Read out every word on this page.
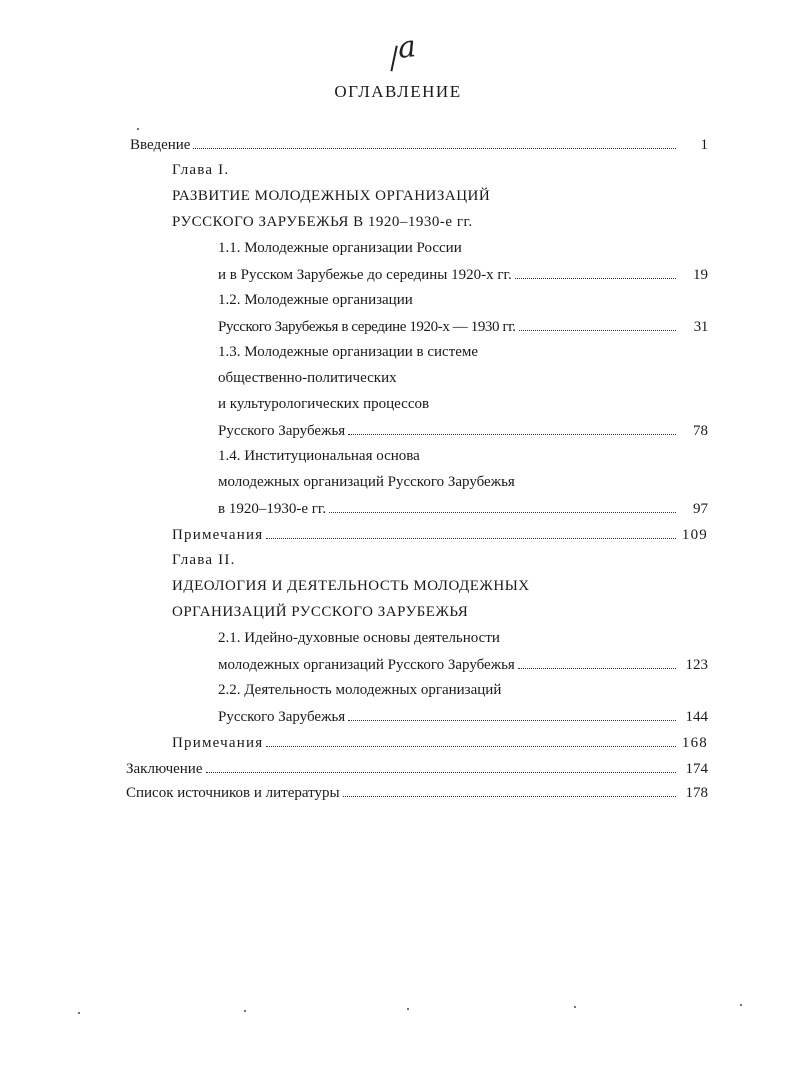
a
ОГЛАВЛЕНИЕ
Введение	1
Глава I.
РАЗВИТИЕ МОЛОДЕЖНЫХ ОРГАНИЗАЦИЙ
РУССКОГО ЗАРУБЕЖЬЯ В 1920–1930-е гг.
1.1. Молодежные организации России
и в Русском Зарубежье до середины 1920-х гг.	19
1.2. Молодежные организации
Русского Зарубежья в середине 1920-х — 1930 гг.	31
1.3. Молодежные организации в системе
общественно-политических
и культурологических процессов
Русского Зарубежья	78
1.4. Институциональная основа
молодежных организаций Русского Зарубежья
в 1920–1930-е гг.	97
Примечания	109
Глава II.
ИДЕОЛОГИЯ И ДЕЯТЕЛЬНОСТЬ МОЛОДЕЖНЫХ
ОРГАНИЗАЦИЙ РУССКОГО ЗАРУБЕЖЬЯ
2.1. Идейно-духовные основы деятельности
молодежных организаций Русского Зарубежья	123
2.2. Деятельность молодежных организаций
Русского Зарубежья	144
Примечания	168
Заключение	174
Список источников и литературы	178
